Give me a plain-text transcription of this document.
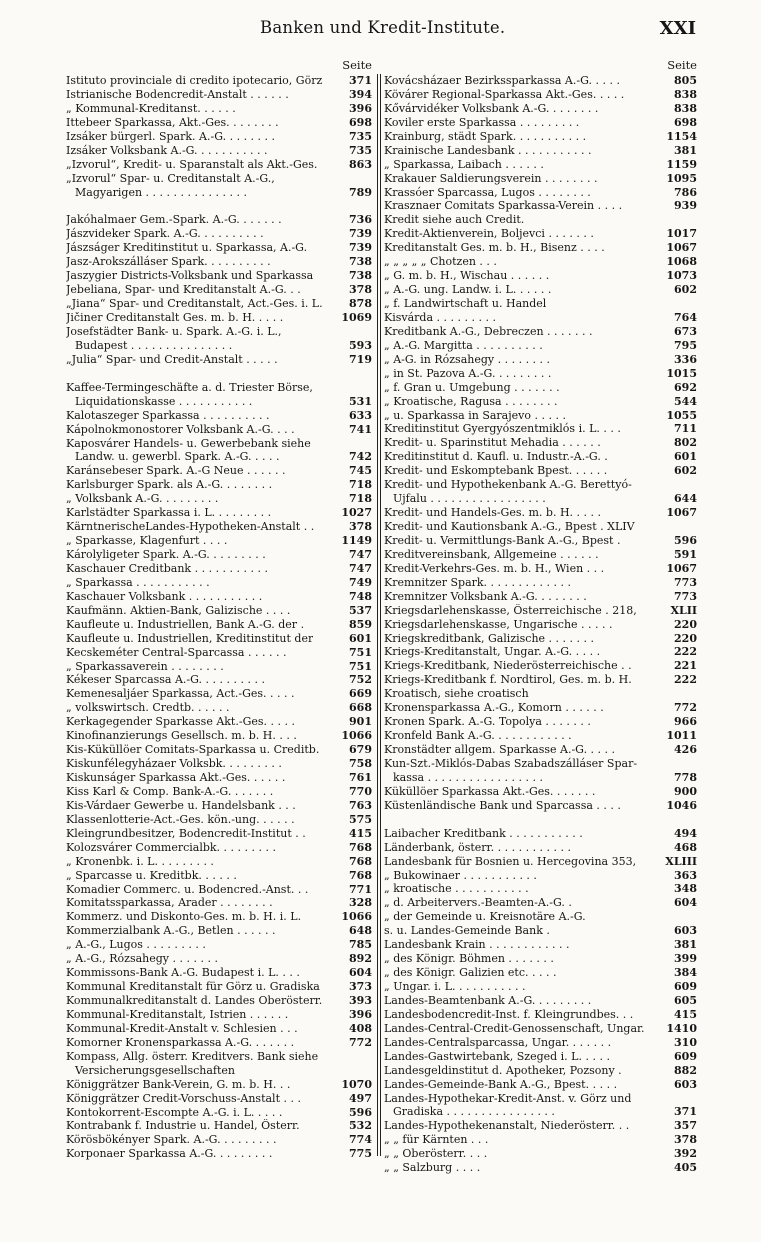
Banken und Kredit-Institute.	XXI
Seite
Istituto provinciale di credito ipotecario, Görz 371
Istrianische Bodencredit-Anstalt . . . . . .	394
„ Kommunal-Kreditanst. . . . . .	396
Ittebeer Sparkassa, Akt.-Ges. . . . . . . .	698
Izsáker bürgerl. Spark. A.-G. . . . . . . .	735
Izsáker Volksbank A.-G. . . . . . . . . . .	735
„Izvorul“, Kredit- u. Sparanstalt als Akt.-Ges.	863
„Izvorul“ Spar- u. Creditanstalt A.-G.,
Magyarigen . . . . . . . . . . . . . . .	789
Jakóhalmaer Gem.-Spark. A.-G. . . . . . .	736
Jászvideker Spark. A.-G. . . . . . . . . .	739
Jászságer Kreditinstitut u. Sparkassa, A.-G.	739
Jasz-Arokszálláser Spark. . . . . . . . . .	738
Jaszygier Districts-Volksbank und Sparkassa	738
Jebeliana, Spar- und Kreditanstalt A.-G. . .	378
„Jiana“ Spar- und Creditanstalt, Act.-Ges. i. L. 878
Jičiner Creditanstalt Ges. m. b. H. . . . .	1069
Josefstädter Bank- u. Spark. A.-G. i. L.,
Budapest . . . . . . . . . . . . . . .	593
„Julia“ Spar- und Credit-Anstalt . . . . .	719
Kaffee-Termingeschäfte a. d. Triester Börse,
Liquidationskasse . . . . . . . . . . .	531
Kalotaszeger Sparkassa . . . . . . . . . .	633
Kápolnokmonostorer Volksbank A.-G. . . .	741
Kaposvárer Handels- u. Gewerbebank siehe
Landw. u. gewerbl. Spark. A.-G. . . . .	742
Karánsebeser Spark. A.-G Neue . . . . . .	745
Karlsburger Spark. als A.-G. . . . . . . .	718
„ Volksbank A.-G. . . . . . . . .	718
Karlstädter Sparkassa i. L. . . . . . . . .	1027
KärntnerischeLandes-Hypotheken-Anstalt . .	378
„ Sparkasse, Klagenfurt . . . .	1149
Károlyligeter Spark. A.-G. . . . . . . . .	747
Kaschauer Creditbank . . . . . . . . . . .	747
„ Sparkassa . . . . . . . . . . .	749
Kaschauer Volksbank . . . . . . . . . . .	748
Kaufmänn. Aktien-Bank, Galizische . . . .	537
Kaufleute u. Industriellen, Bank A.-G. der .	859
Kaufleute u. Industriellen, Kreditinstitut der	601
Kecskeméter Central-Sparcassa . . . . . .	751
„ Sparkassaverein . . . . . . . .	751
Kékeser Sparcassa A.-G. . . . . . . . . .	752
Kemenesaljáer Sparkassa, Act.-Ges. . . . .	669
„ volkswirtsch. Credtb. . . . . .	668
Kerkagegender Sparkasse Akt.-Ges. . . . .	901
Kinofinanzierungs Gesellsch. m. b. H. . . .	1066
Kis-Küküllöer Comitats-Sparkassa u. Creditb.	679
Kiskunfélegyházaer Volksbk. . . . . . . . .	758
Kiskunságer Sparkassa Akt.-Ges. . . . . .	761
Kiss Karl & Comp. Bank-A.-G. . . . . . .	770
Kis-Várdaer Gewerbe u. Handelsbank . . .	763
Klassenlotterie-Act.-Ges. kön.-ung. . . . . .	575
Kleingrundbesitzer, Bodencredit-Institut . .	415
Kolozsvárer Commercialbk. . . . . . . . .	768
„ Kronenbk. i. L. . . . . . . . .	768
„ Sparcasse u. Kreditbk. . . . . .	768
Komadier Commerc. u. Bodencred.-Anst. . .	771
Komitatssparkassa, Arader . . . . . . . .	328
Kommerz. und Diskonto-Ges. m. b. H. i. L.	1066
Kommerzialbank A.-G., Betlen . . . . . .	648
„ A.-G., Lugos . . . . . . . . .	785
„ A.-G., Rózsahegy . . . . . . .	892
Kommissons-Bank A.-G. Budapest i. L. . . .	604
Kommunal Kreditanstalt für Görz u. Gradiska	373
Kommunalkreditanstalt d. Landes Oberösterr. 393
Kommunal-Kreditanstalt, Istrien . . . . . .	396
Kommunal-Kredit-Anstalt v. Schlesien . . .	408
Komorner Kronensparkassa A.-G. . . . . . .	772
Kompass, Allg. österr. Kreditvers. Bank siehe
Versicherungsgesellschaften
Königgrätzer Bank-Verein, G. m. b. H. . .	1070
Königgrätzer Credit-Vorschuss-Anstalt . . .	497
Kontokorrent-Escompte A.-G. i. L. . . . .	596
Kontrabank f. Industrie u. Handel, Österr.	532
Körösbökényer Spark. A.-G. . . . . . . . .	774
Korponaer Sparkassa A.-G. . . . . . . . .	775
Seite
Kovácsházaer Bezirkssparkassa A.-G. . . . .	805
Kövárer Regional-Sparkassa Akt.-Ges. . . . .	838
Kővárvidéker Volksbank A.-G. . . . . . . .	838
Koviler erste Sparkassa . . . . . . . . .	698
Krainburg, städt Spark. . . . . . . . . . .	1154
Krainische Landesbank . . . . . . . . . . .	381
„ Sparkassa, Laibach . . . . . .	1159
Krakauer Saldierungsverein . . . . . . . .	1095
Krassóer Sparcassa, Lugos . . . . . . . .	786
Krasznaer Comitats Sparkassa-Verein . . . .	939
Kredit siehe auch Credit.
Kredit-Aktienverein, Boljevci . . . . . . .	1017
Kreditanstalt Ges. m. b. H., Bisenz . . . .	1067
„ „ „ „ „ Chotzen . . .	1068
„ G. m. b. H., Wischau . . . . . .	1073
„ A.-G. ung. Landw. i. L. . . . . .	602
„ f. Landwirtschaft u. Handel
Kisvárda . . . . . . . . .	764
Kreditbank A.-G., Debreczen . . . . . . .	673
„ A.-G. Margitta . . . . . . . . . .	795
„ A-G. in Rózsahegy . . . . . . . .	336
„ in St. Pazova A.-G. . . . . . . . .	1015
„ f. Gran u. Umgebung . . . . . . .	692
„ Kroatische, Ragusa . . . . . . . .	544
„ u. Sparkassa in Sarajevo . . . . .	1055
Kreditinstitut Gyergyószentmiklós i. L. . . .	711
Kredit- u. Sparinstitut Mehadia . . . . . .	802
Kreditinstitut d. Kaufl. u. Industr.-A.-G. .	601
Kredit- und Eskomptebank Bpest. . . . . .	602
Kredit- und Hypothekenbank A.-G. Berettyó-
Ujfalu . . . . . . . . . . . . . . . . .	644
Kredit- und Handels-Ges. m. b. H. . . . .	1067
Kredit- und Kautionsbank A.-G., Bpest . XLIV
Kredit- u. Vermittlungs-Bank A.-G., Bpest .	596
Kreditvereinsbank, Allgemeine . . . . . .	591
Kredit-Verkehrs-Ges. m. b. H., Wien . . .	1067
Kremnitzer Spark. . . . . . . . . . . . .	773
Kremnitzer Volksbank A.-G. . . . . . . .	773
Kriegsdarlehenskasse, Österreichische . 218,	XLII
Kriegsdarlehenskasse, Ungarische . . . . .	220
Kriegskreditbank, Galizische . . . . . . .	220
Kriegs-Kreditanstalt, Ungar. A.-G. . . . .	222
Kriegs-Kreditbank, Niederösterreichische . .	221
Kriegs-Kreditbank f. Nordtirol, Ges. m. b. H.	222
Kroatisch, siehe croatisch
Kronensparkassa A.-G., Komorn . . . . . .	772
Kronen Spark. A.-G. Topolya . . . . . . .	966
Kronfeld Bank A.-G. . . . . . . . . . . .	1011
Kronstädter allgem. Sparkasse A.-G. . . . .	426
Kun-Szt.-Miklós-Dabas Szabadszálláser Spar-
kassa . . . . . . . . . . . . . . . . .	778
Küküllöer Sparkassa Akt.-Ges. . . . . . .	900
Küstenländische Bank und Sparcassa . . . .	1046
Laibacher Kreditbank . . . . . . . . . . .	494
Länderbank, österr. . . . . . . . . . . .	468
Landesbank für Bosnien u. Hercegovina 353,	XLIII
„ Bukowinaer . . . . . . . . . . .	363
„ kroatische . . . . . . . . . . .	348
„ d. Arbeitervers.-Beamten-A.-G. .	604
„ der Gemeinde u. Kreisnotäre A.-G.
s. u. Landes-Gemeinde Bank .	603
Landesbank Krain . . . . . . . . . . . .	381
„ des Königr. Böhmen . . . . . . .	399
„ des Königr. Galizien etc. . . . .	384
„ Ungar. i. L. . . . . . . . . . .	609
Landes-Beamtenbank A.-G. . . . . . . . .	605
Landesbodencredit-Inst. f. Kleingrundbes. . .	415
Landes-Central-Credit-Genossenschaft, Ungar. 1410
Landes-Centralsparcassa, Ungar. . . . . . .	310
Landes-Gastwirtebank, Szeged i. L. . . . .	609
Landesgeldinstitut d. Apotheker, Pozsony .	882
Landes-Gemeinde-Bank A.-G., Bpest. . . . .	603
Landes-Hypothekar-Kredit-Anst. v. Görz und
Gradiska . . . . . . . . . . . . . . . .	371
Landes-Hypothekenanstalt, Niederösterr. . .	357
„ „ für Kärnten . . .	378
„ „ Oberösterr. . . .	392
„ „ Salzburg . . . .	405
